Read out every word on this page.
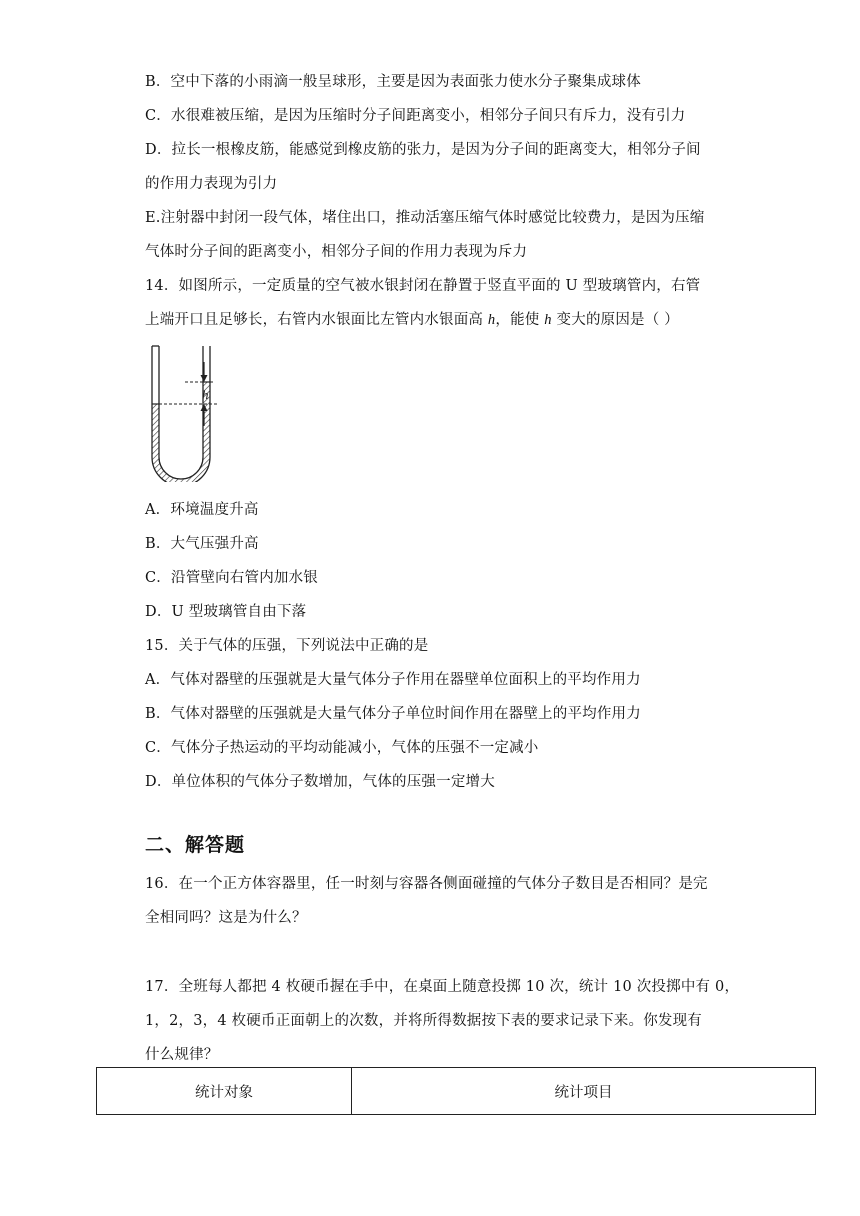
B．空中下落的小雨滴一般呈球形，主要是因为表面张力使水分子聚集成球体
C．水很难被压缩，是因为压缩时分子间距离变小，相邻分子间只有斥力，没有引力
D．拉长一根橡皮筋，能感觉到橡皮筋的张力，是因为分子间的距离变大，相邻分子间
的作用力表现为引力
E.注射器中封闭一段气体，堵住出口，推动活塞压缩气体时感觉比较费力，是因为压缩
气体时分子间的距离变小，相邻分子间的作用力表现为斥力
14．如图所示，一定质量的空气被水银封闭在静置于竖直平面的 U 型玻璃管内，右管
上端开口且足够长，右管内水银面比左管内水银面高 h，能使 h 变大的原因是（ ）
h
A．环境温度升高
B．大气压强升高
C．沿管壁向右管内加水银
D．U 型玻璃管自由下落
15．关于气体的压强，下列说法中正确的是
A．气体对器壁的压强就是大量气体分子作用在器壁单位面积上的平均作用力
B．气体对器壁的压强就是大量气体分子单位时间作用在器壁上的平均作用力
C．气体分子热运动的平均动能减小，气体的压强不一定减小
D．单位体积的气体分子数增加，气体的压强一定增大
二、解答题
16．在一个正方体容器里，任一时刻与容器各侧面碰撞的气体分子数目是否相同？是完
全相同吗？这是为什么？
17．全班每人都把 4 枚硬币握在手中，在桌面上随意投掷 10 次，统计 10 次投掷中有 0，
1，2，3，4 枚硬币正面朝上的次数，并将所得数据按下表的要求记录下来。你发现有
什么规律？
统计对象	统计项目
